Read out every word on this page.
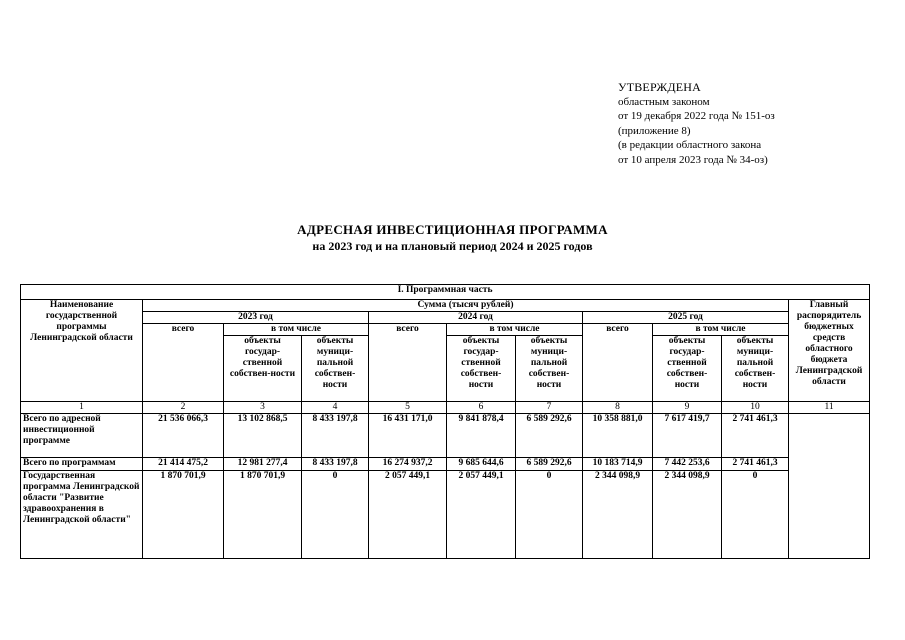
УТВЕРЖДЕНА
областным законом
от 19 декабря 2022 года № 151-оз
(приложение 8)
(в редакции областного закона
от 10 апреля 2023 года № 34-оз)
АДРЕСНАЯ ИНВЕСТИЦИОННАЯ ПРОГРАММА
на 2023 год и на плановый период 2024 и 2025 годов
I. Программная часть										
Наименование государственной программы Ленинградской области	Сумма (тысяч рублей)									Главный распорядитель бюджетных средств областного бюджета Ленинградской области
	2023 год			2024 год			2025 год			
	всего	в том числе		всего	в том числе		всего	в том числе		
		объекты государ-ственной собствен-ности	объекты муници-пальной собствен-ности		объекты государ-ственной собствен-ности	объекты муници-пальной собствен-ности		объекты государ-ственной собствен-ности	объекты муници-пальной собствен-ности	
1	2	3	4	5	6	7	8	9	10	11
Всего по адресной инвестиционной программе	21 536 066,3	13 102 868,5	8 433 197,8	16 431 171,0	9 841 878,4	6 589 292,6	10 358 881,0	7 617 419,7	2 741 461,3	
Всего по программам	21 414 475,2	12 981 277,4	8 433 197,8	16 274 937,2	9 685 644,6	6 589 292,6	10 183 714,9	7 442 253,6	2 741 461,3	
Государственная программа Ленинградской области "Развитие здравоохранения в Ленинградской области"	1 870 701,9	1 870 701,9	0	2 057 449,1	2 057 449,1	0	2 344 098,9	2 344 098,9	0	
